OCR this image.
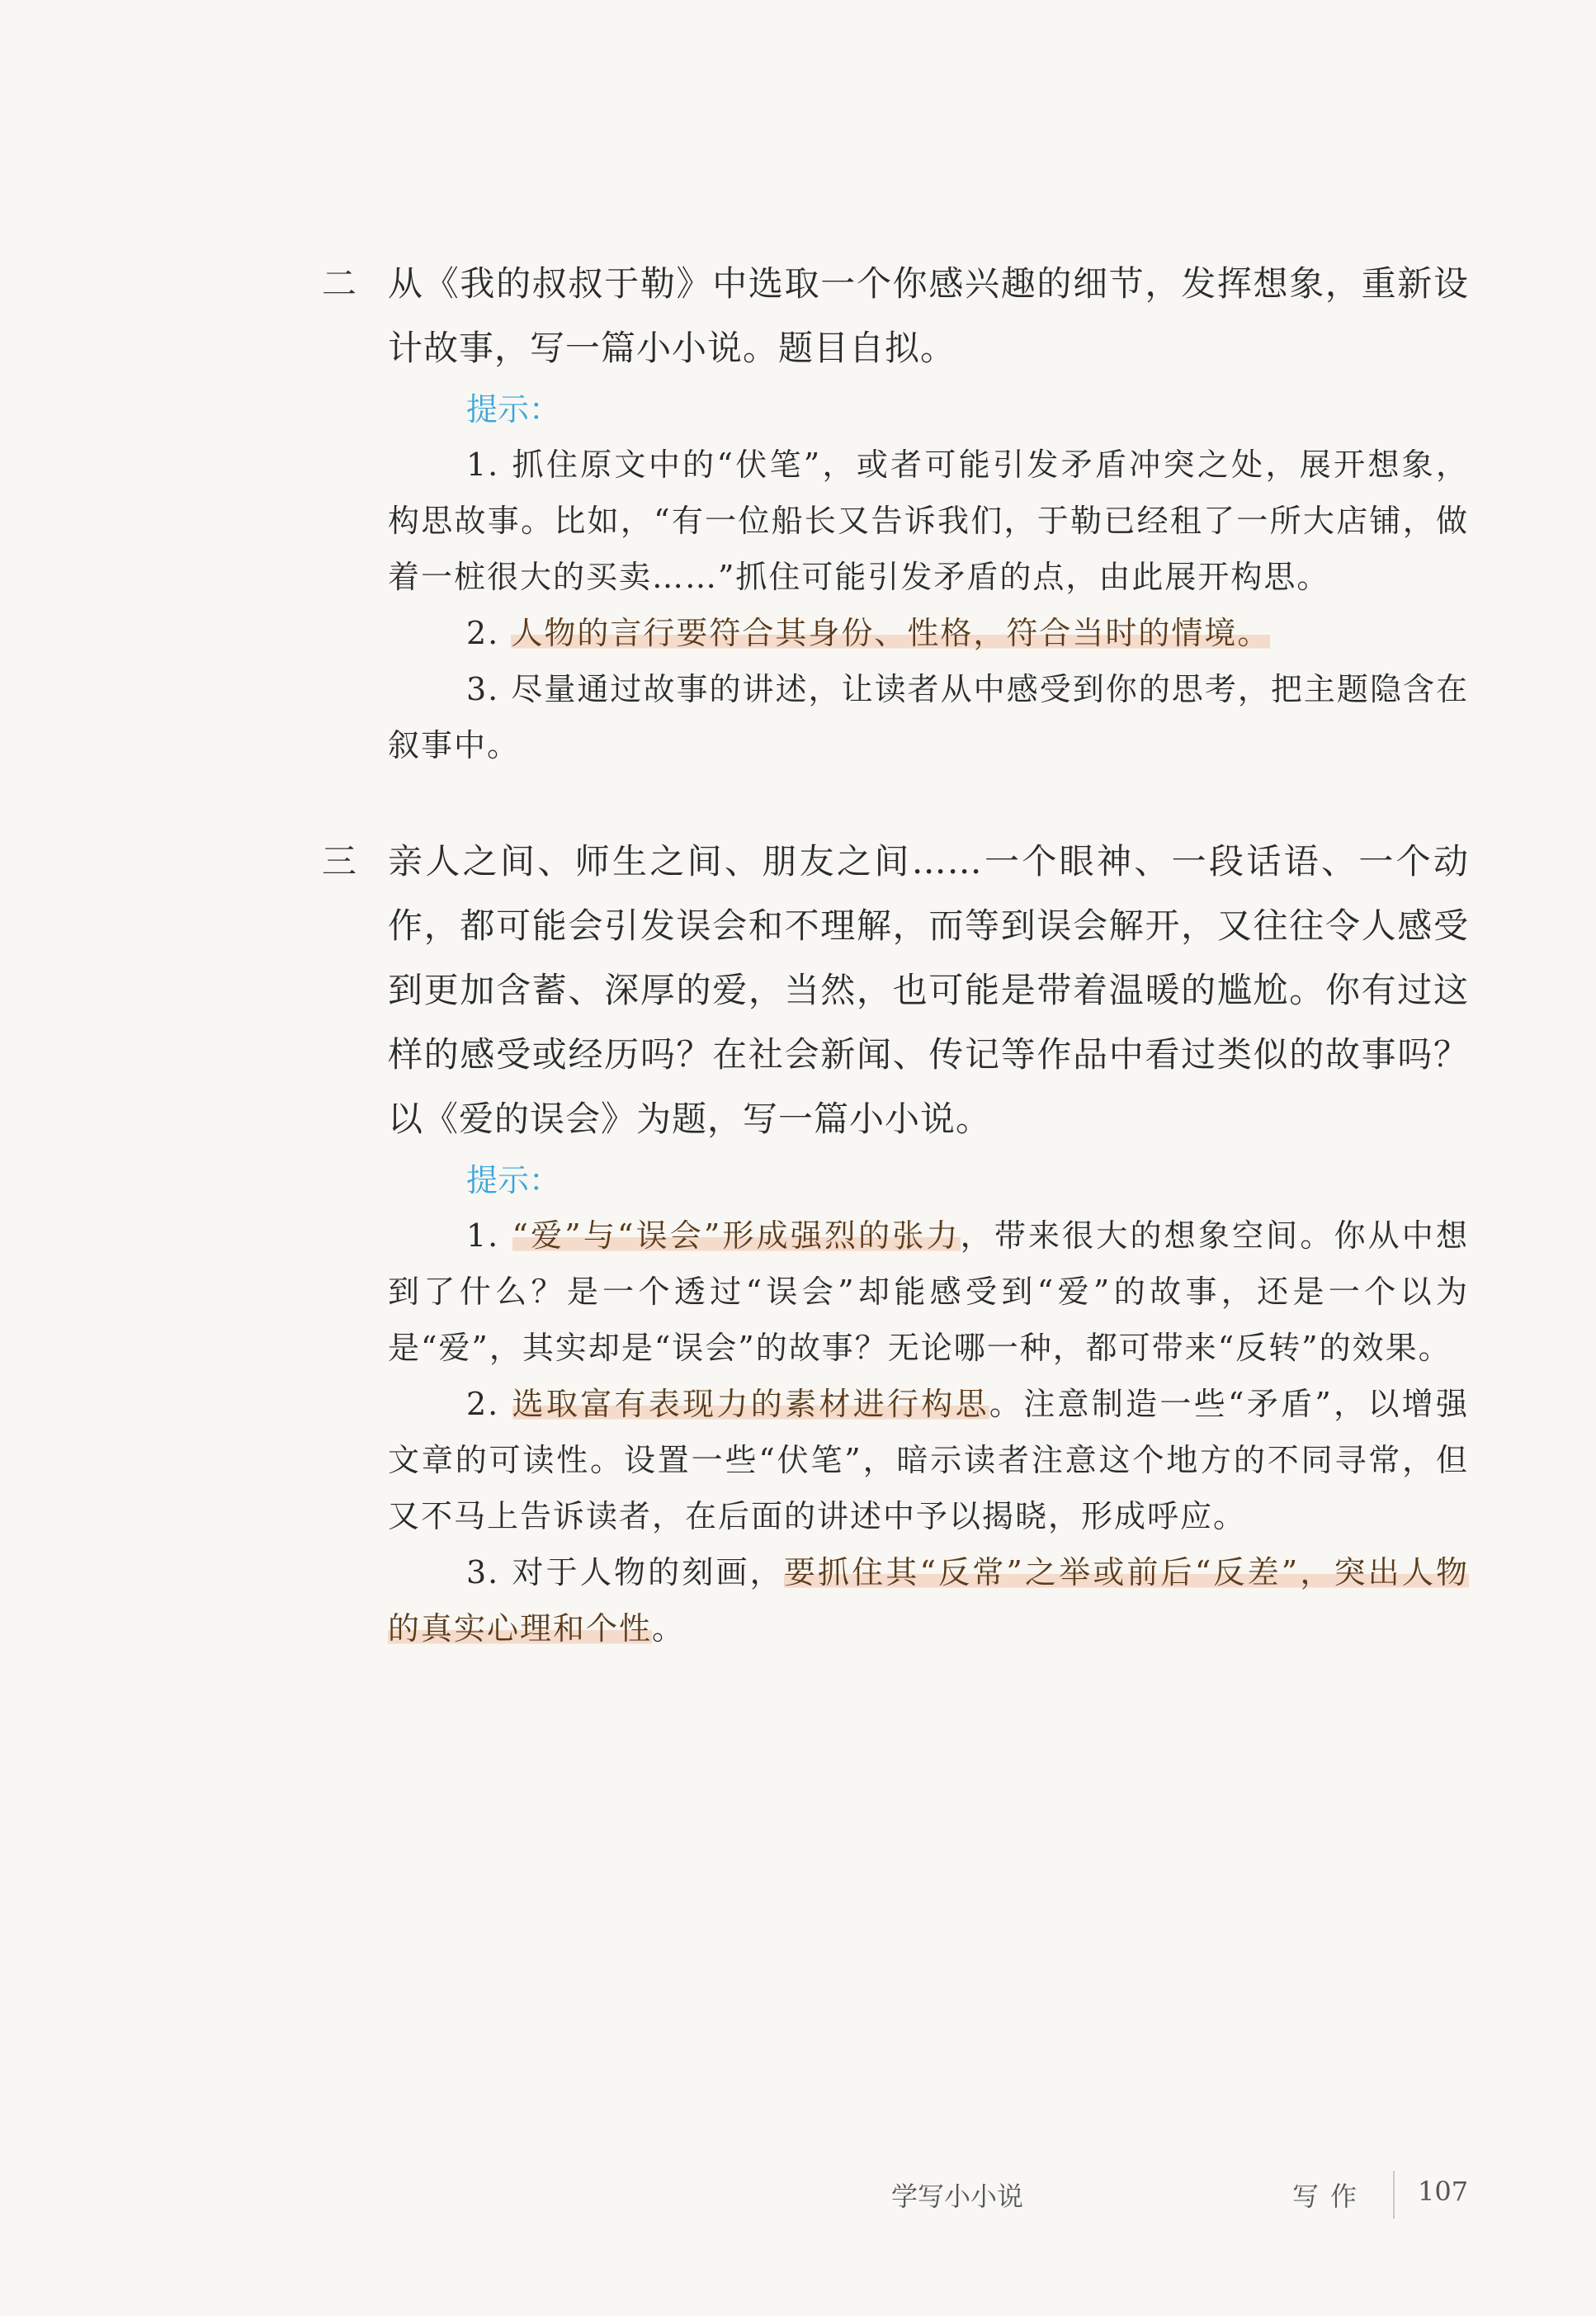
二 从《我的叔叔于勒》中选取一个你感兴趣的细节，发挥想象，重新设计故事，写一篇小小说。题目自拟。
提示：
1. 抓住原文中的“伏笔”，或者可能引发矛盾冲突之处，展开想象，构思故事。比如，“有一位船长又告诉我们，于勒已经租了一所大店铺，做着一桩很大的买卖……”抓住可能引发矛盾的点，由此展开构思。
2. 人物的言行要符合其身份、性格，符合当时的情境。
3. 尽量通过故事的讲述，让读者从中感受到你的思考，把主题隐含在叙事中。
三 亲人之间、师生之间、朋友之间……一个眼神、一段话语、一个动作，都可能会引发误会和不理解，而等到误会解开，又往往令人感受到更加含蓄、深厚的爱，当然，也可能是带着温暖的尴尬。你有过这样的感受或经历吗？在社会新闻、传记等作品中看过类似的故事吗？以《爱的误会》为题，写一篇小小说。
提示：
1. “爱”与“误会”形成强烈的张力，带来很大的想象空间。你从中想到了什么？是一个透过“误会”却能感受到“爱”的故事，还是一个以为是“爱”，其实却是“误会”的故事？无论哪一种，都可带来“反转”的效果。
2. 选取富有表现力的素材进行构思。注意制造一些“矛盾”，以增强文章的可读性。设置一些“伏笔”，暗示读者注意这个地方的不同寻常，但又不马上告诉读者，在后面的讲述中予以揭晓，形成呼应。
3. 对于人物的刻画，要抓住其“反常”之举或前后“反差”，突出人物的真实心理和个性。
学写小小说	写作 107
